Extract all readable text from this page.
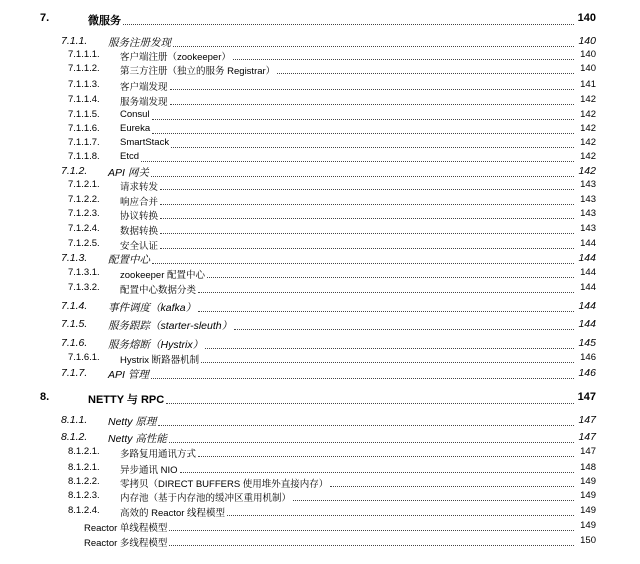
7.	微服务	140
7.1.1. 服务注册发现	140
7.1.1.1. 客户端注册（zookeeper）	140
7.1.1.2. 第三方注册（独立的服务 Registrar）	140
7.1.1.3. 客户端发现	141
7.1.1.4. 服务端发现	142
7.1.1.5. Consul	142
7.1.1.6. Eureka	142
7.1.1.7. SmartStack	142
7.1.1.8. Etcd	142
7.1.2. API 网关	142
7.1.2.1. 请求转发	143
7.1.2.2. 响应合并	143
7.1.2.3. 协议转换	143
7.1.2.4. 数据转换	143
7.1.2.5. 安全认证	144
7.1.3. 配置中心	144
7.1.3.1. zookeeper 配置中心	144
7.1.3.2. 配置中心数据分类	144
7.1.4. 事件调度（kafka）	144
7.1.5. 服务跟踪（starter-sleuth）	144
7.1.6. 服务熔断（Hystrix）	145
7.1.6.1. Hystrix 断路器机制	146
7.1.7. API 管理	146
8.	NETTY 与 RPC	147
8.1.1. Netty 原理	147
8.1.2. Netty 高性能	147
8.1.2.1. 多路复用通讯方式	147
8.1.2.1. 异步通讯 NIO	148
8.1.2.2. 零拷贝（DIRECT BUFFERS 使用堆外直接内存）	149
8.1.2.3. 内存池（基于内存池的缓冲区重用机制）	149
8.1.2.4. 高效的 Reactor 线程模型	149
Reactor 单线程模型	149
Reactor 多线程模型	150
